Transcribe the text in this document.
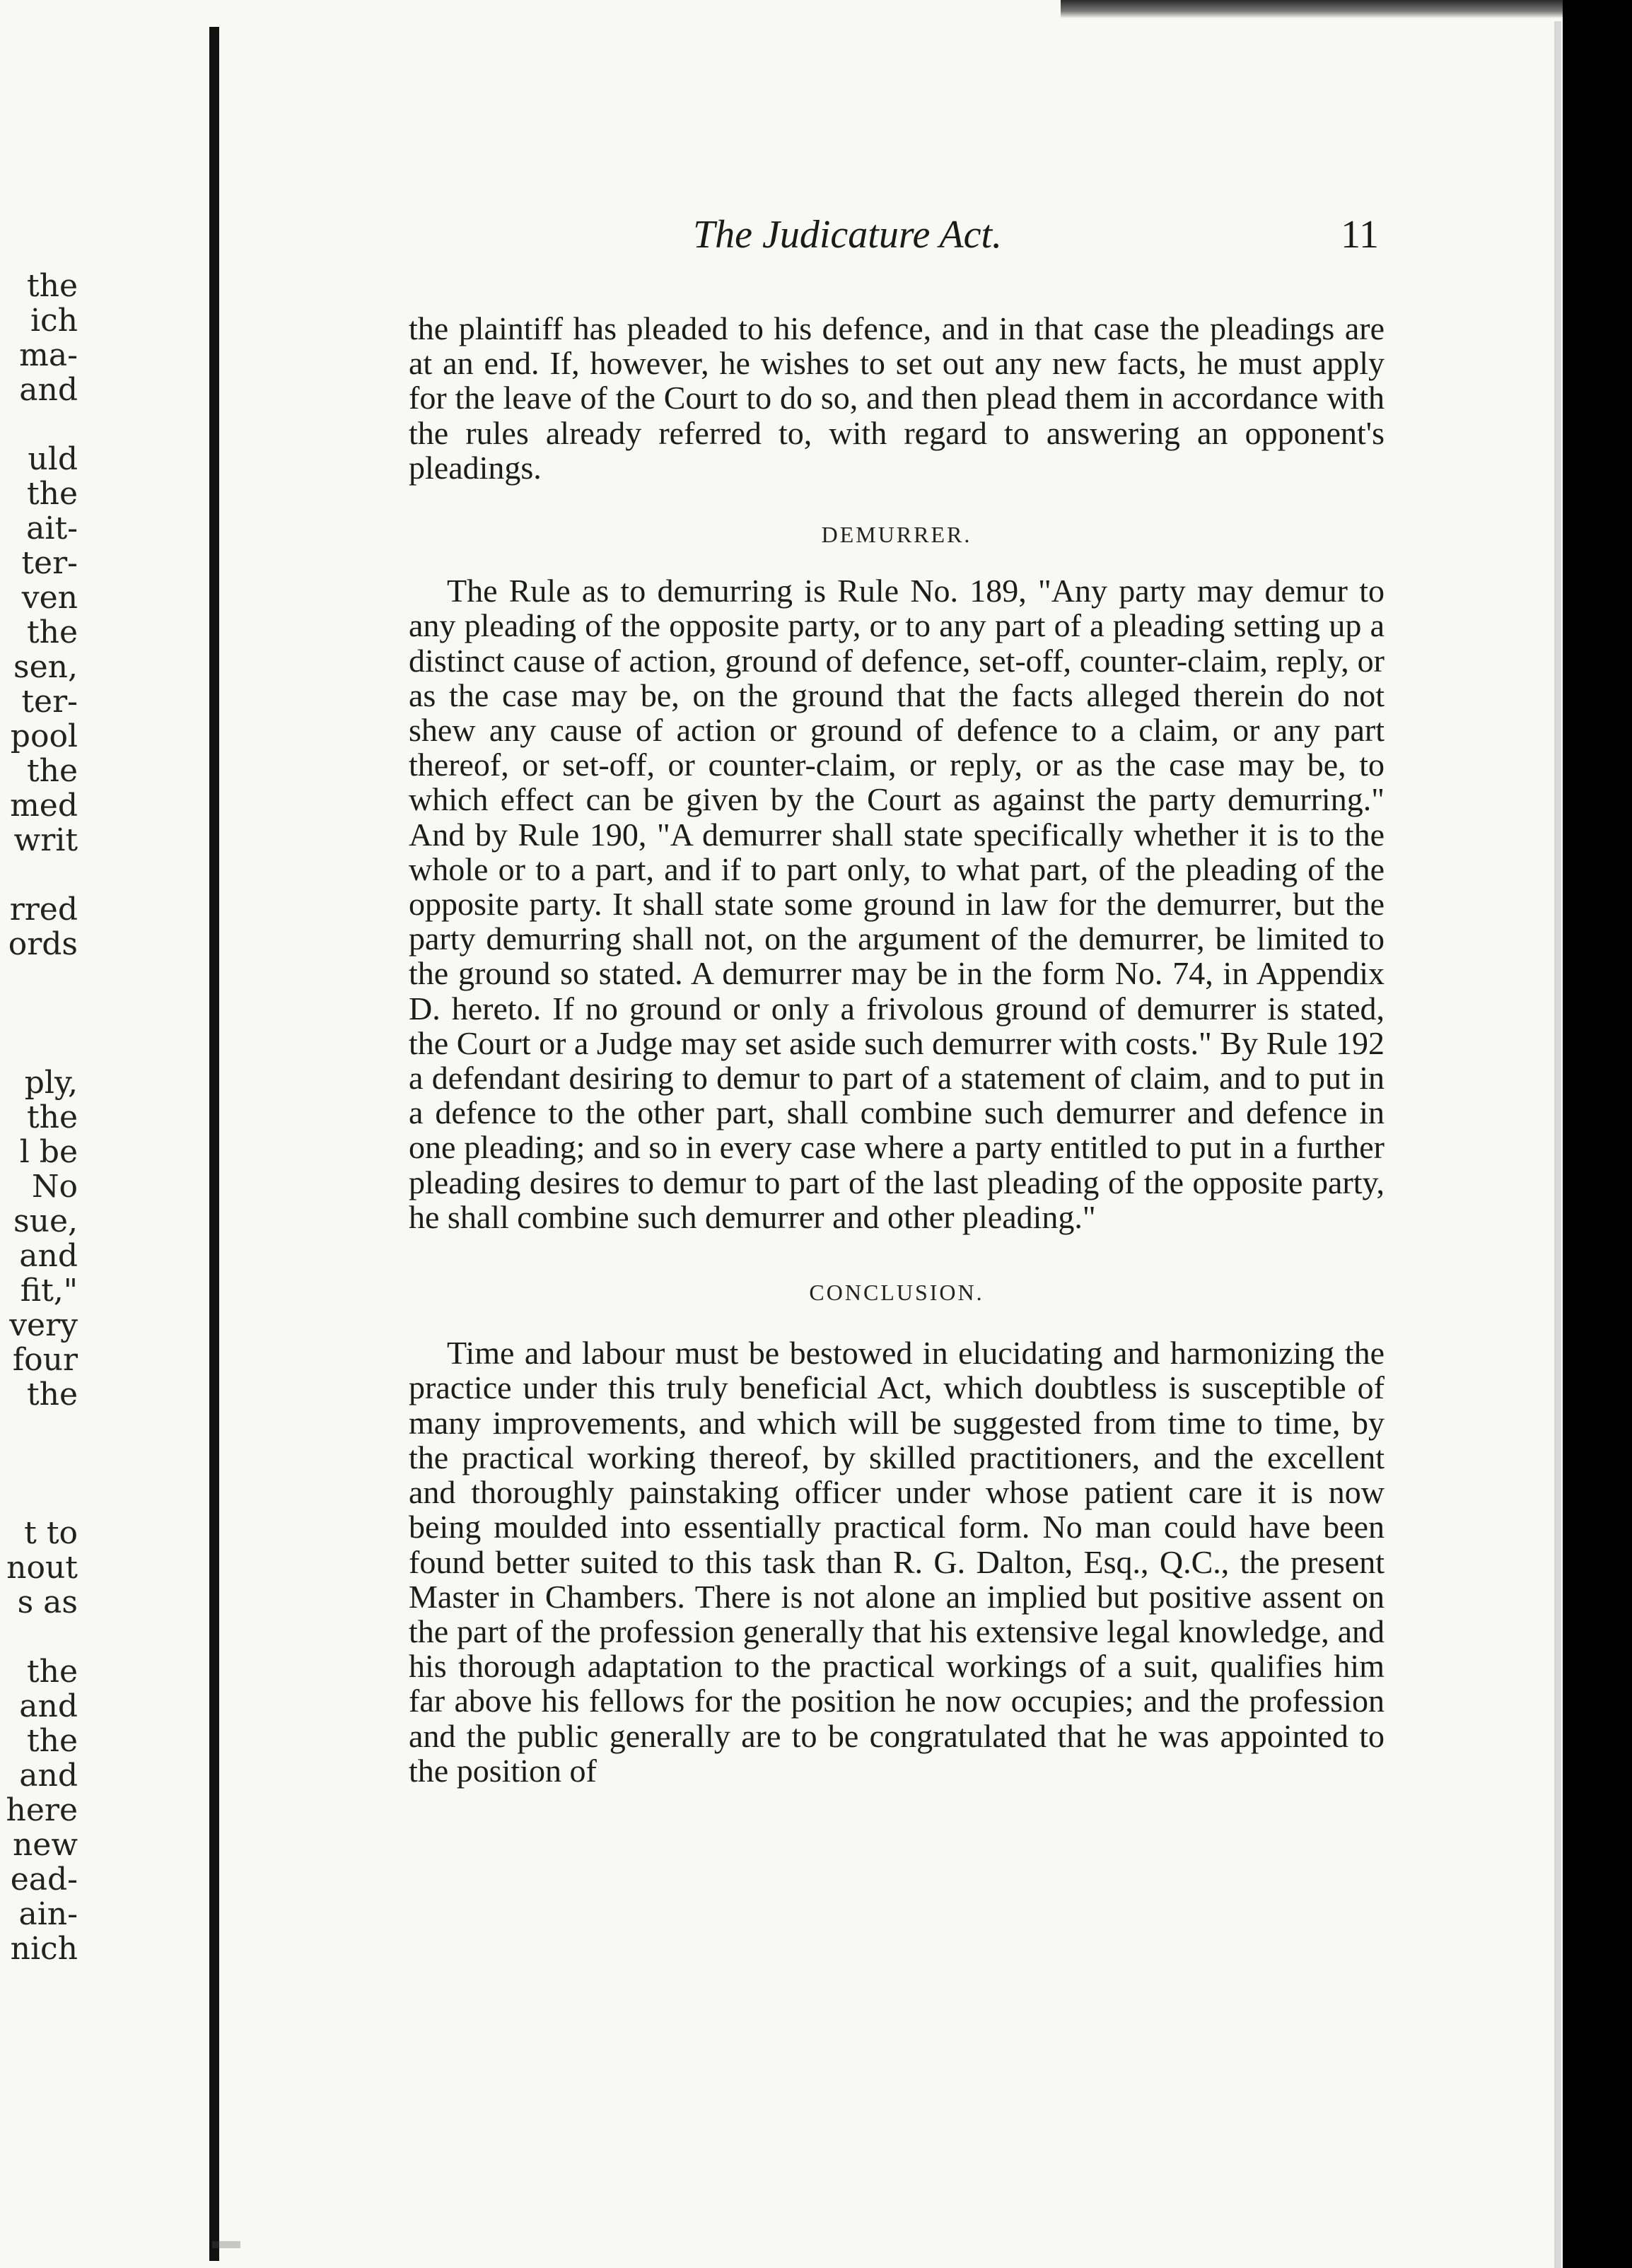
the
ich
ma-
and
uld
the
ait-
ter-
ven
the
sen,
ter-
pool
the
med
writ
rred
ords
ply,
the
l be
No
sue,
and
fit,"
very
four
the
t to
nout
s as
the
and
the
and
here
new
ead-
ain-
nich
The Judicature Act.	11

the plaintiff has pleaded to his defence, and in that case the pleadings are at an end. If, however, he wishes to set out any new facts, he must apply for the leave of the Court to do so, and then plead them in accordance with the rules already referred to, with regard to answering an opponent's pleadings.

DEMURRER.

The Rule as to demurring is Rule No. 189, "Any party may demur to any pleading of the opposite party, or to any part of a pleading setting up a distinct cause of action, ground of defence, set-off, counter-claim, reply, or as the case may be, on the ground that the facts alleged therein do not shew any cause of action or ground of defence to a claim, or any part thereof, or set-off, or counter-claim, or reply, or as the case may be, to which effect can be given by the Court as against the party demurring." And by Rule 190, "A demurrer shall state specifically whether it is to the whole or to a part, and if to part only, to what part, of the pleading of the opposite party. It shall state some ground in law for the demurrer, but the party demurring shall not, on the argument of the demurrer, be limited to the ground so stated. A demurrer may be in the form No. 74, in Appendix D. hereto. If no ground or only a frivolous ground of demurrer is stated, the Court or a Judge may set aside such demurrer with costs." By Rule 192 a defendant desiring to demur to part of a statement of claim, and to put in a defence to the other part, shall combine such demurrer and defence in one pleading; and so in every case where a party entitled to put in a further pleading desires to demur to part of the last pleading of the opposite party, he shall combine such demurrer and other pleading."

CONCLUSION.

Time and labour must be bestowed in elucidating and harmonizing the practice under this truly beneficial Act, which doubtless is susceptible of many improvements, and which will be suggested from time to time, by the practical working thereof, by skilled practitioners, and the excellent and thoroughly painstaking officer under whose patient care it is now being moulded into essentially practical form. No man could have been found better suited to this task than R. G. Dalton, Esq., Q.C., the present Master in Chambers. There is not alone an implied but positive assent on the part of the profession generally that his extensive legal knowledge, and his thorough adaptation to the practical workings of a suit, qualifies him far above his fellows for the position he now occupies; and the profession and the public generally are to be congratulated that he was appointed to the position of
